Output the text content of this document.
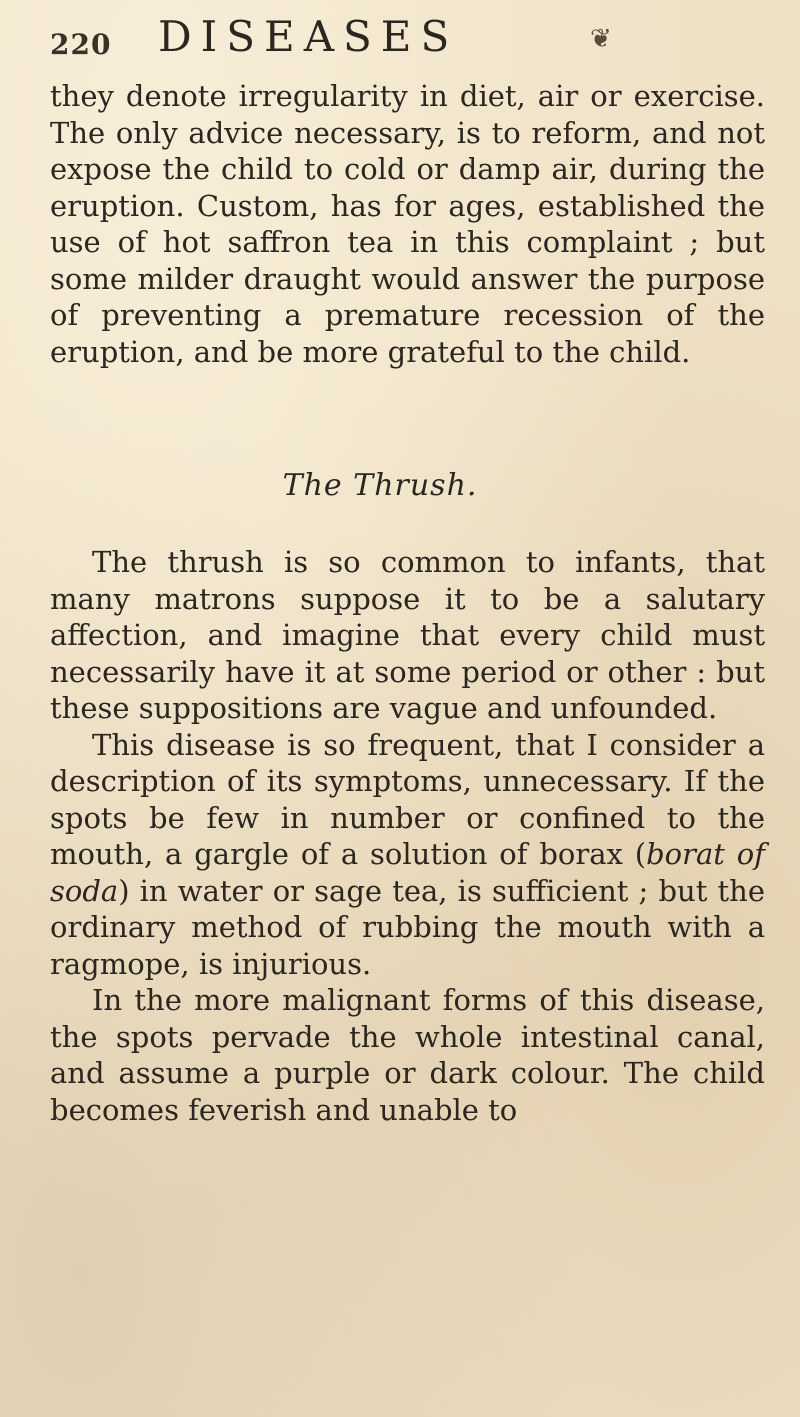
220 DISEASES	❦

they denote irregularity in diet, air or exercise. The only advice necessary, is to reform, and not expose the child to cold or damp air, during the eruption. Custom, has for ages, established the use of hot saffron tea in this complaint ; but some milder draught would answer the purpose of preventing a premature recession of the eruption, and be more grateful to the child.

The Thrush.

The thrush is so common to infants, that many matrons suppose it to be a salutary affection, and imagine that every child must necessarily have it at some period or other : but these suppositions are vague and unfounded.

This disease is so frequent, that I consider a description of its symptoms, unnecessary. If the spots be few in number or confined to the mouth, a gargle of a solution of borax (borat of soda) in water or sage tea, is sufficient ; but the ordinary method of rubbing the mouth with a ragmope, is injurious.

In the more malignant forms of this disease, the spots pervade the whole intestinal canal, and assume a purple or dark colour. The child becomes feverish and unable to
